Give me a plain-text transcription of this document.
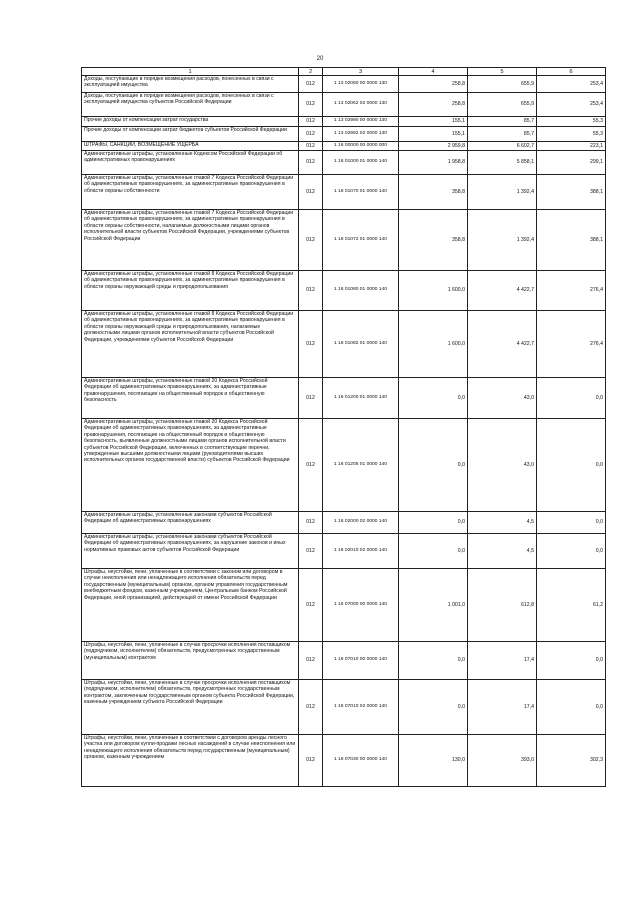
20
1	2	3	4	5	6
Доходы, поступающие в порядке возмещения расходов, понесенных в связи с эксплуатацией имущества	012	1 13 02060 00 0000 130	258,8	655,9	253,4
Доходы, поступающие в порядке возмещения расходов, понесенных в связи с эксплуатацией имущества субъектов Российской Федерации	012	1 13 02062 02 0000 130	258,8	655,9	253,4
Прочие доходы от компенсации затрат государства	012	1 13 02990 00 0000 130	155,1	85,7	55,3
Прочие доходы от компенсации затрат бюджетов субъектов Российской Федерации	012	1 13 02992 02 0000 130	155,1	85,7	55,3
ШТРАФЫ, САНКЦИИ, ВОЗМЕЩЕНИЕ УЩЕРБА	012	1 16 00000 00 0000 000	2 959,8	6 602,7	223,1
Административные штрафы, установленные Кодексом Российской Федерации об административных правонарушениях	012	1 16 01000 01 0000 140	1 958,8	5 858,1	299,1
Административные штрафы, установленные главой 7 Кодекса Российской Федерации об административных правонарушениях, за административные правонарушения в области охраны собственности	012	1 16 01070 01 0000 140	358,8	1 392,4	388,1
Административные штрафы, установленные главой 7 Кодекса Российской Федерации об административных правонарушениях, за административные правонарушения в области охраны собственности, налагаемые должностными лицами органов исполнительной власти субъектов Российской Федерации, учреждениями субъектов Российской Федерации	012	1 16 01072 01 0000 140	358,8	1 392,4	388,1
Административные штрафы, установленные главой 8 Кодекса Российской Федерации об административных правонарушениях, за административные правонарушения в области охраны окружающей среды и природопользования	012	1 16 01080 01 0000 140	1 600,0	4 422,7	276,4
Административные штрафы, установленные главой 8 Кодекса Российской Федерации об административных правонарушениях, за административные правонарушения в области охраны окружающей среды и природопользования, налагаемые должностными лицами органов исполнительной власти субъектов Российской Федерации, учреждениями субъектов Российской Федерации	012	1 16 01082 01 0000 140	1 600,0	4 422,7	276,4
Административные штрафы, установленные главой 20 Кодекса Российской Федерации об административных правонарушениях, за административные правонарушения, посягающие на общественный порядок и общественную безопасность	012	1 16 01200 01 0000 140	0,0	43,0	0,0
Административные штрафы, установленные главой 20 Кодекса Российской Федерации об административных правонарушениях, за административные правонарушения, посягающие на общественный порядок и общественную безопасность, выявленные должностными лицами органов исполнительной власти субъектов Российской Федерации, включенных в соответствующие перечни, утвержденные высшими должностными лицами (руководителями высших исполнительных органов государственной власти) субъектов Российской Федерации	012	1 16 01205 01 0000 140	0,0	43,0	0,0
Административные штрафы, установленные законами субъектов Российской Федерации об административных правонарушениях	012	1 16 02000 02 0000 140	0,0	4,5	0,0
Административные штрафы, установленные законами субъектов Российской Федерации об административных правонарушениях, за нарушение законов и иных нормативных правовых актов субъектов Российской Федерации	012	1 16 02010 02 0000 140	0,0	4,5	0,0
Штрафы, неустойки, пени, уплаченные в соответствии с законом или договором в случае неисполнения или ненадлежащего исполнения обязательств перед государственным (муниципальным) органом, органом управления государственным внебюджетным фондом, казенным учреждением, Центральным банком Российской Федерации, иной организацией, действующей от имени Российской Федерации	012	1 16 07000 00 0000 140	1 001,0	612,8	61,2
Штрафы, неустойки, пени, уплаченные в случае просрочки исполнения поставщиком (подрядчиком, исполнителем) обязательств, предусмотренных государственным (муниципальным) контрактом	012	1 16 07010 00 0000 140	0,0	17,4	0,0
Штрафы, неустойки, пени, уплаченные в случае просрочки исполнения поставщиком (подрядчиком, исполнителем) обязательств, предусмотренных государственным контрактом, заключенным государственным органом субъекта Российской Федерации, казенным учреждением субъекта Российской Федерации	012	1 16 07010 02 0000 140	0,0	17,4	0,0
Штрафы, неустойки, пени, уплаченные в соответствии с договором аренды лесного участка или договором купли-продажи лесных насаждений в случае неисполнения или ненадлежащего исполнения обязательств перед государственным (муниципальным) органом, казенным учреждением	012	1 16 07030 00 0000 140	130,0	393,0	302,3
